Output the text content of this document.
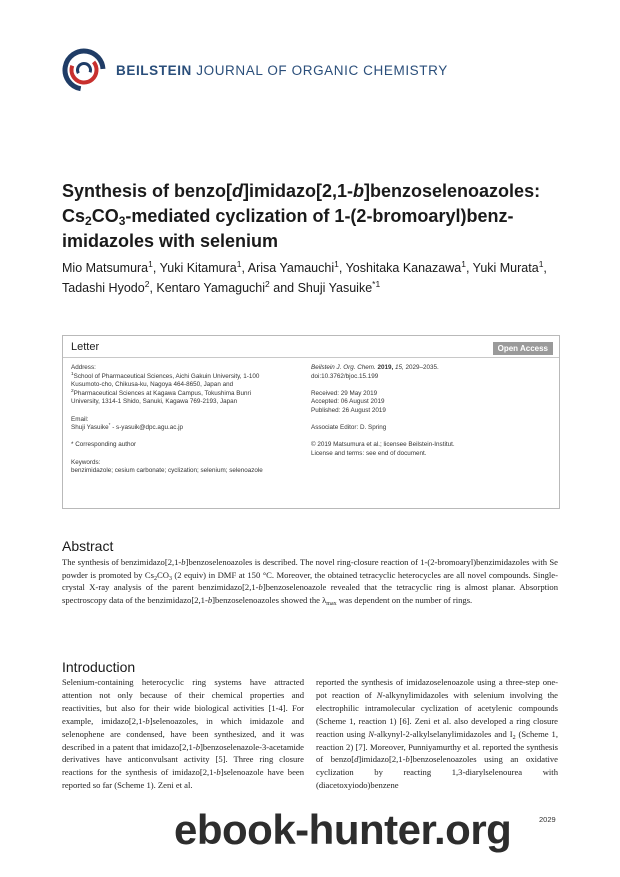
BEILSTEIN JOURNAL OF ORGANIC CHEMISTRY
Synthesis of benzo[d]imidazo[2,1-b]benzoselenoazoles:
$Cs_2CO_3$-mediated cyclization of 1-(2-bromoaryl)benz-
imidazoles with selenium
Mio Matsumura$^1$, Yuki Kitamura$^1$, Arisa Yamauchi$^1$, Yoshitaka Kanazawa$^1$, Yuki Murata$^1$,
Tadashi Hyodo$^2$, Kentaro Yamaguchi$^2$ and Shuji Yasuike$^{*1}$
Letter	Open Access
Address:
$^1$School of Pharmaceutical Sciences, Aichi Gakuin University, 1-100
Kusumoto-cho, Chikusa-ku, Nagoya 464-8650, Japan and
$^2$Pharmaceutical Sciences at Kagawa Campus, Tokushima Bunri
University, 1314-1 Shido, Sanuki, Kagawa 769-2193, Japan
Email:
Shuji Yasuike* - s-yasuik@dpc.agu.ac.jp
* Corresponding author
Keywords:
benzimidazole; cesium carbonate; cyclization; selenium; selenoazole
Beilstein J. Org. Chem. 2019, 15, 2029–2035.
doi:10.3762/bjoc.15.199
Received: 29 May 2019
Accepted: 06 August 2019
Published: 26 August 2019
Associate Editor: D. Spring
© 2019 Matsumura et al.; licensee Beilstein-Institut.
License and terms: see end of document.
Abstract
The synthesis of benzimidazo[2,1-b]benzoselenoazoles is described. The novel ring-closure reaction of 1-(2-bromoaryl)benzimidazoles with Se powder is promoted by $Cs_2CO_3$ (2 equiv) in DMF at 150 °C. Moreover, the obtained tetracyclic heterocycles are all novel compounds. Single-crystal X-ray analysis of the parent benzimidazo[2,1-b]benzoselenoazole revealed that the tetracyclic ring is almost planar. Absorption spectroscopy data of the benzimidazo[2,1-b]benzoselenoazoles showed the $\lambda_{max}$ was dependent on the number of rings.
Introduction
Selenium-containing heterocyclic ring systems have attracted attention not only because of their chemical properties and reactivities, but also for their wide biological activities [1-4]. For example, imidazo[2,1-b]selenoazoles, in which imidazole and selenophene are condensed, have been synthesized, and it was described in a patent that imidazo[2,1-b]benzoselenazole-3-acetamide derivatives have anticonvulsant activity [5]. Three ring closure reactions for the synthesis of imidazo[2,1-b]selenoazole have been reported so far (Scheme 1). Zeni et al.
reported the synthesis of imidazoselenoazole using a three-step one-pot reaction of N-alkynylimidazoles with selenium involving the electrophilic intramolecular cyclization of acetylenic compounds (Scheme 1, reaction 1) [6]. Zeni et al. also developed a ring closure reaction using N-alkynyl-2-alkylselanylimidazoles and $I_2$ (Scheme 1, reaction 2) [7]. Moreover, Punniyamurthy et al. reported the synthesis of benzo[d]imidazo[2,1-b]benzoselenoazoles using an oxidative cyclization by reacting 1,3-diarylselenourea with (diacetoxyiodo)benzene
2029
ebook-hunter.org
